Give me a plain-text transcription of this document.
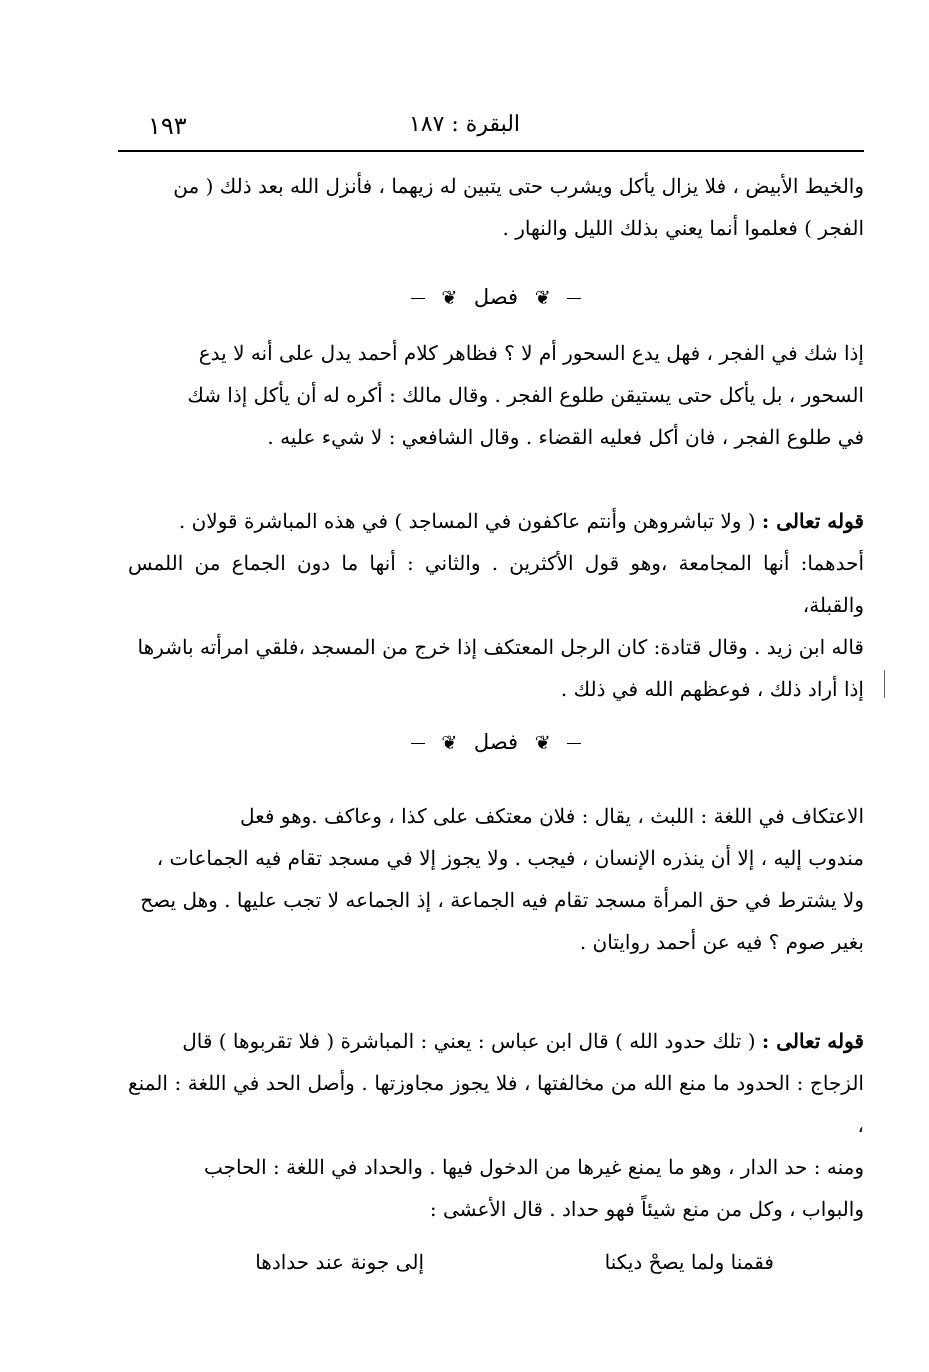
١٩٣	البقرة : ١٨٧

والخيط الأبيض ، فلا يزال يأكل ويشرب حتى يتبين له زيهما ، فأنزل الله بعد ذلك ( من

الفجر ) فعلموا أنما يعني بذلك الليل والنهار .

❦ فصل ❦

إذا شك في الفجر ، فهل يدع السحور أم لا ؟ فظاهر كلام أحمد يدل على أنه لا يدع

السحور ، بل يأكل حتى يستيقن طلوع الفجر . وقال مالك : أكره له أن يأكل إذا شك

في طلوع الفجر ، فان أكل فعليه القضاء . وقال الشافعي : لا شيء عليه .

قوله تعالى : ( ولا تباشروهن وأنتم عاكفون في المساجد ) في هذه المباشرة قولان .

أحدهما: أنها المجامعة ،وهو قول الأكثرين . والثاني : أنها ما دون الجماع من اللمس والقبلة،

قاله ابن زيد . وقال قتادة: كان الرجل المعتكف إذا خرج من المسجد ،فلقي امرأته باشرها

إذا أراد ذلك ، فوعظهم الله في ذلك .

❦ فصل ❦

الاعتكاف في اللغة : اللبث ، يقال : فلان معتكف على كذا ، وعاكف .وهو فعل

مندوب إليه ، إلا أن ينذره الإنسان ، فيجب . ولا يجوز إلا في مسجد تقام فيه الجماعات ،

ولا يشترط في حق المرأة مسجد تقام فيه الجماعة ، إذ الجماعه لا تجب عليها . وهل يصح

بغير صوم ؟ فيه عن أحمد روايتان .

قوله تعالى : ( تلك حدود الله ) قال ابن عباس : يعني : المباشرة ( فلا تقربوها ) قال

الزجاج : الحدود ما منع الله من مخالفتها ، فلا يجوز مجاوزتها . وأصل الحد في اللغة : المنع ،

ومنه : حد الدار ، وهو ما يمنع غيرها من الدخول فيها . والحداد في اللغة : الحاجب

والبواب ، وكل من منع شيئاً فهو حداد . قال الأعشى :

فقمنا ولما يصحْ ديكنا
إلى جونة عند حدادها
